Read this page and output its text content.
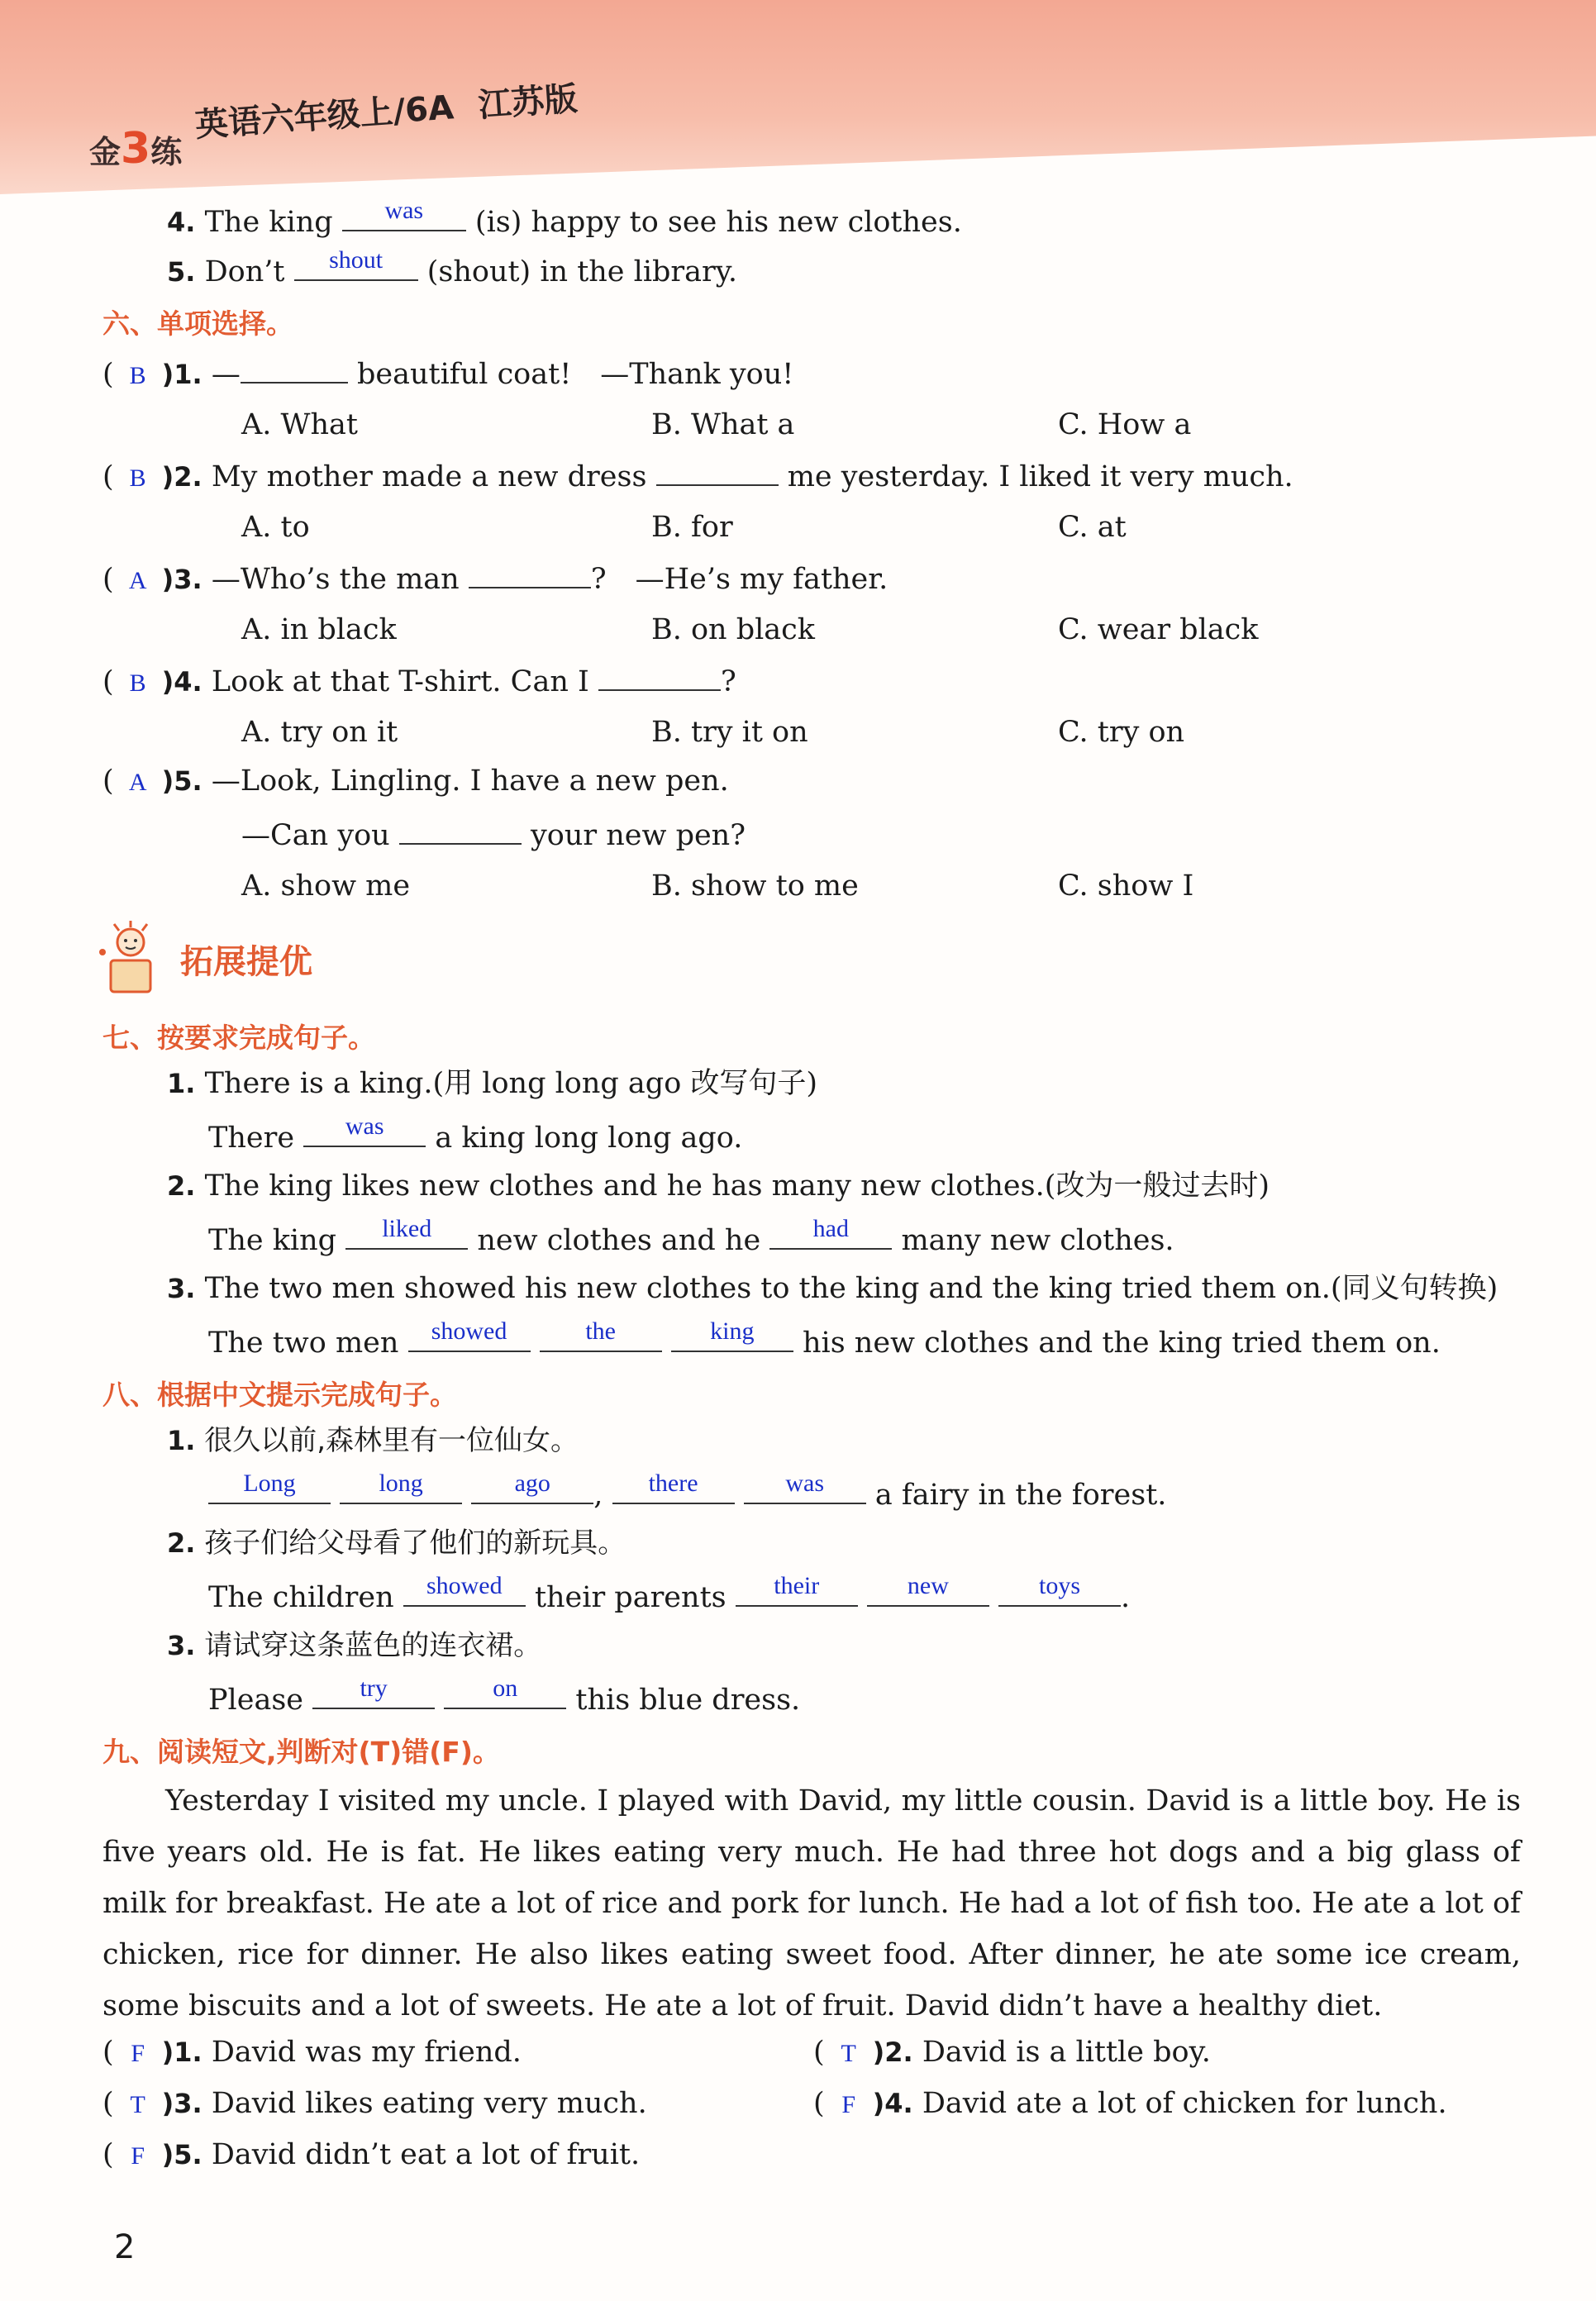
金3练
英语六年级上/6A 江苏版
4. The king	was	(is) happy to see his new clothes.
5. Don’t	shout	(shout) in the library.
六、单项选择。
( B )1. —	beautiful coat!　—Thank you!
A. What	B. What a	C. How a
( B )2. My mother made a new dress	me yesterday. I liked it very much.
A. to	B. for	C. at
( A )3. —Who’s the man	?　—He’s my father.
A. in black	B. on black	C. wear black
( B )4. Look at that T-shirt. Can I	?
A. try on it	B. try it on	C. try on
( A )5. —Look, Lingling. I have a new pen.
—Can you	your new pen?
A. show me	B. show to me	C. show I
拓展提优
七、按要求完成句子。
1. There is a king.(用 long long ago 改写句子)
There	was	a king long long ago.
2. The king likes new clothes and he has many new clothes.(改为一般过去时)
The king	liked	new clothes and he	had	many new clothes.
3. The two men showed his new clothes to the king and the king tried them on.(同义句转换)
The two men	showed
	the
	king	his new clothes and the king tried them on.
八、根据中文提示完成句子。
1. 很久以前,森林里有一位仙女。
Long
	long
	ago	,	there
	was	a fairy in the forest.
2. 孩子们给父母看了他们的新玩具。
The children	showed	their parents	their
	new
	toys	.
3. 请试穿这条蓝色的连衣裙。
Please	try
	on	this blue dress.
九、阅读短文,判断对(T)错(F)。
Yesterday I visited my uncle. I played with David, my little cousin. David is a little boy. He is five years old. He is fat. He likes eating very much. He had three hot dogs and a big glass of milk for breakfast. He ate a lot of rice and pork for lunch. He had a lot of fish too. He ate a lot of chicken, rice for dinner. He also likes eating sweet food. After dinner, he ate some ice cream, some biscuits and a lot of sweets. He ate a lot of fruit. David didn’t have a healthy diet.
( F )1. David was my friend.	( T )2. David is a little boy.
( T )3. David likes eating very much.	( F )4. David ate a lot of chicken for lunch.
( F )5. David didn’t eat a lot of fruit.
2
